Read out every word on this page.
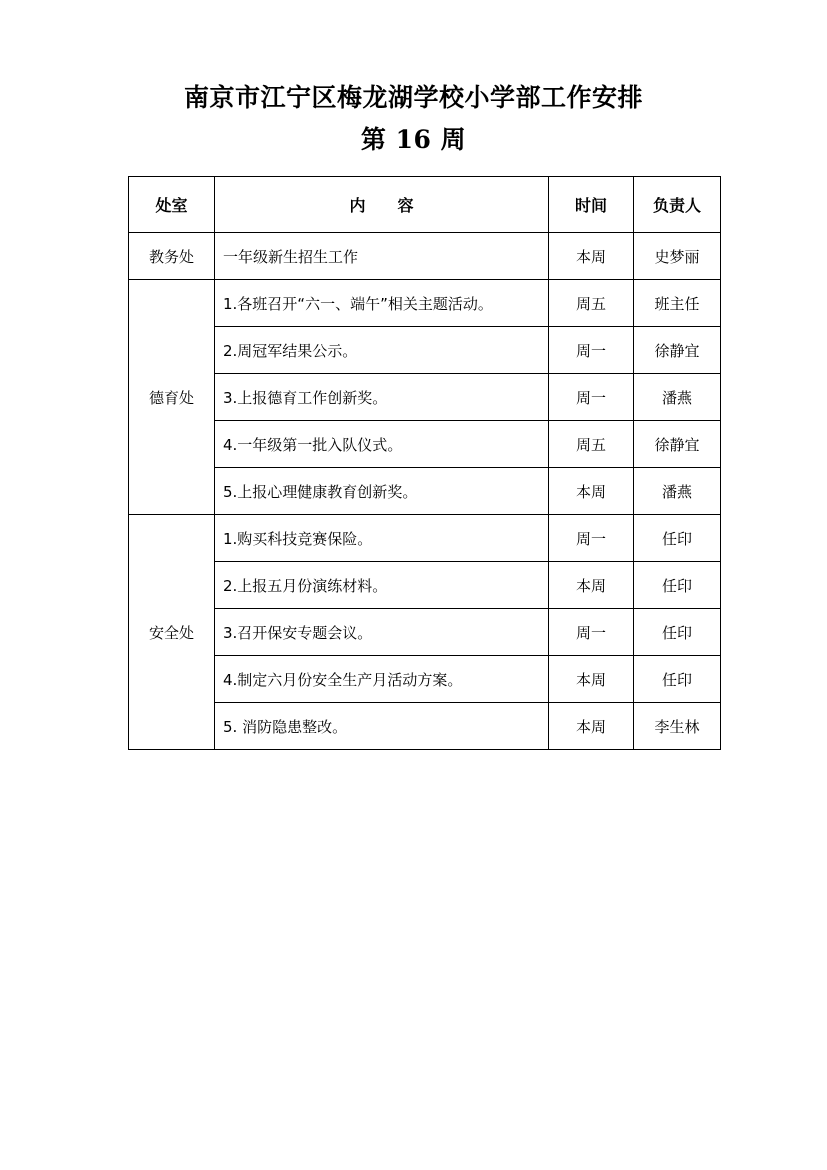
南京市江宁区梅龙湖学校小学部工作安排
第 16 周
处室	内　　容	时间	负责人
教务处	一年级新生招生工作	本周	史梦丽
德育处	1.各班召开“六一、端午”相关主题活动。	周五	班主任
	2.周冠军结果公示。	周一	徐静宜
	3.上报德育工作创新奖。	周一	潘燕
	4.一年级第一批入队仪式。	周五	徐静宜
	5.上报心理健康教育创新奖。	本周	潘燕
安全处	1.购买科技竞赛保险。	周一	任印
	2.上报五月份演练材料。	本周	任印
	3.召开保安专题会议。	周一	任印
	4.制定六月份安全生产月活动方案。	本周	任印
	5. 消防隐患整改。	本周	李生林
